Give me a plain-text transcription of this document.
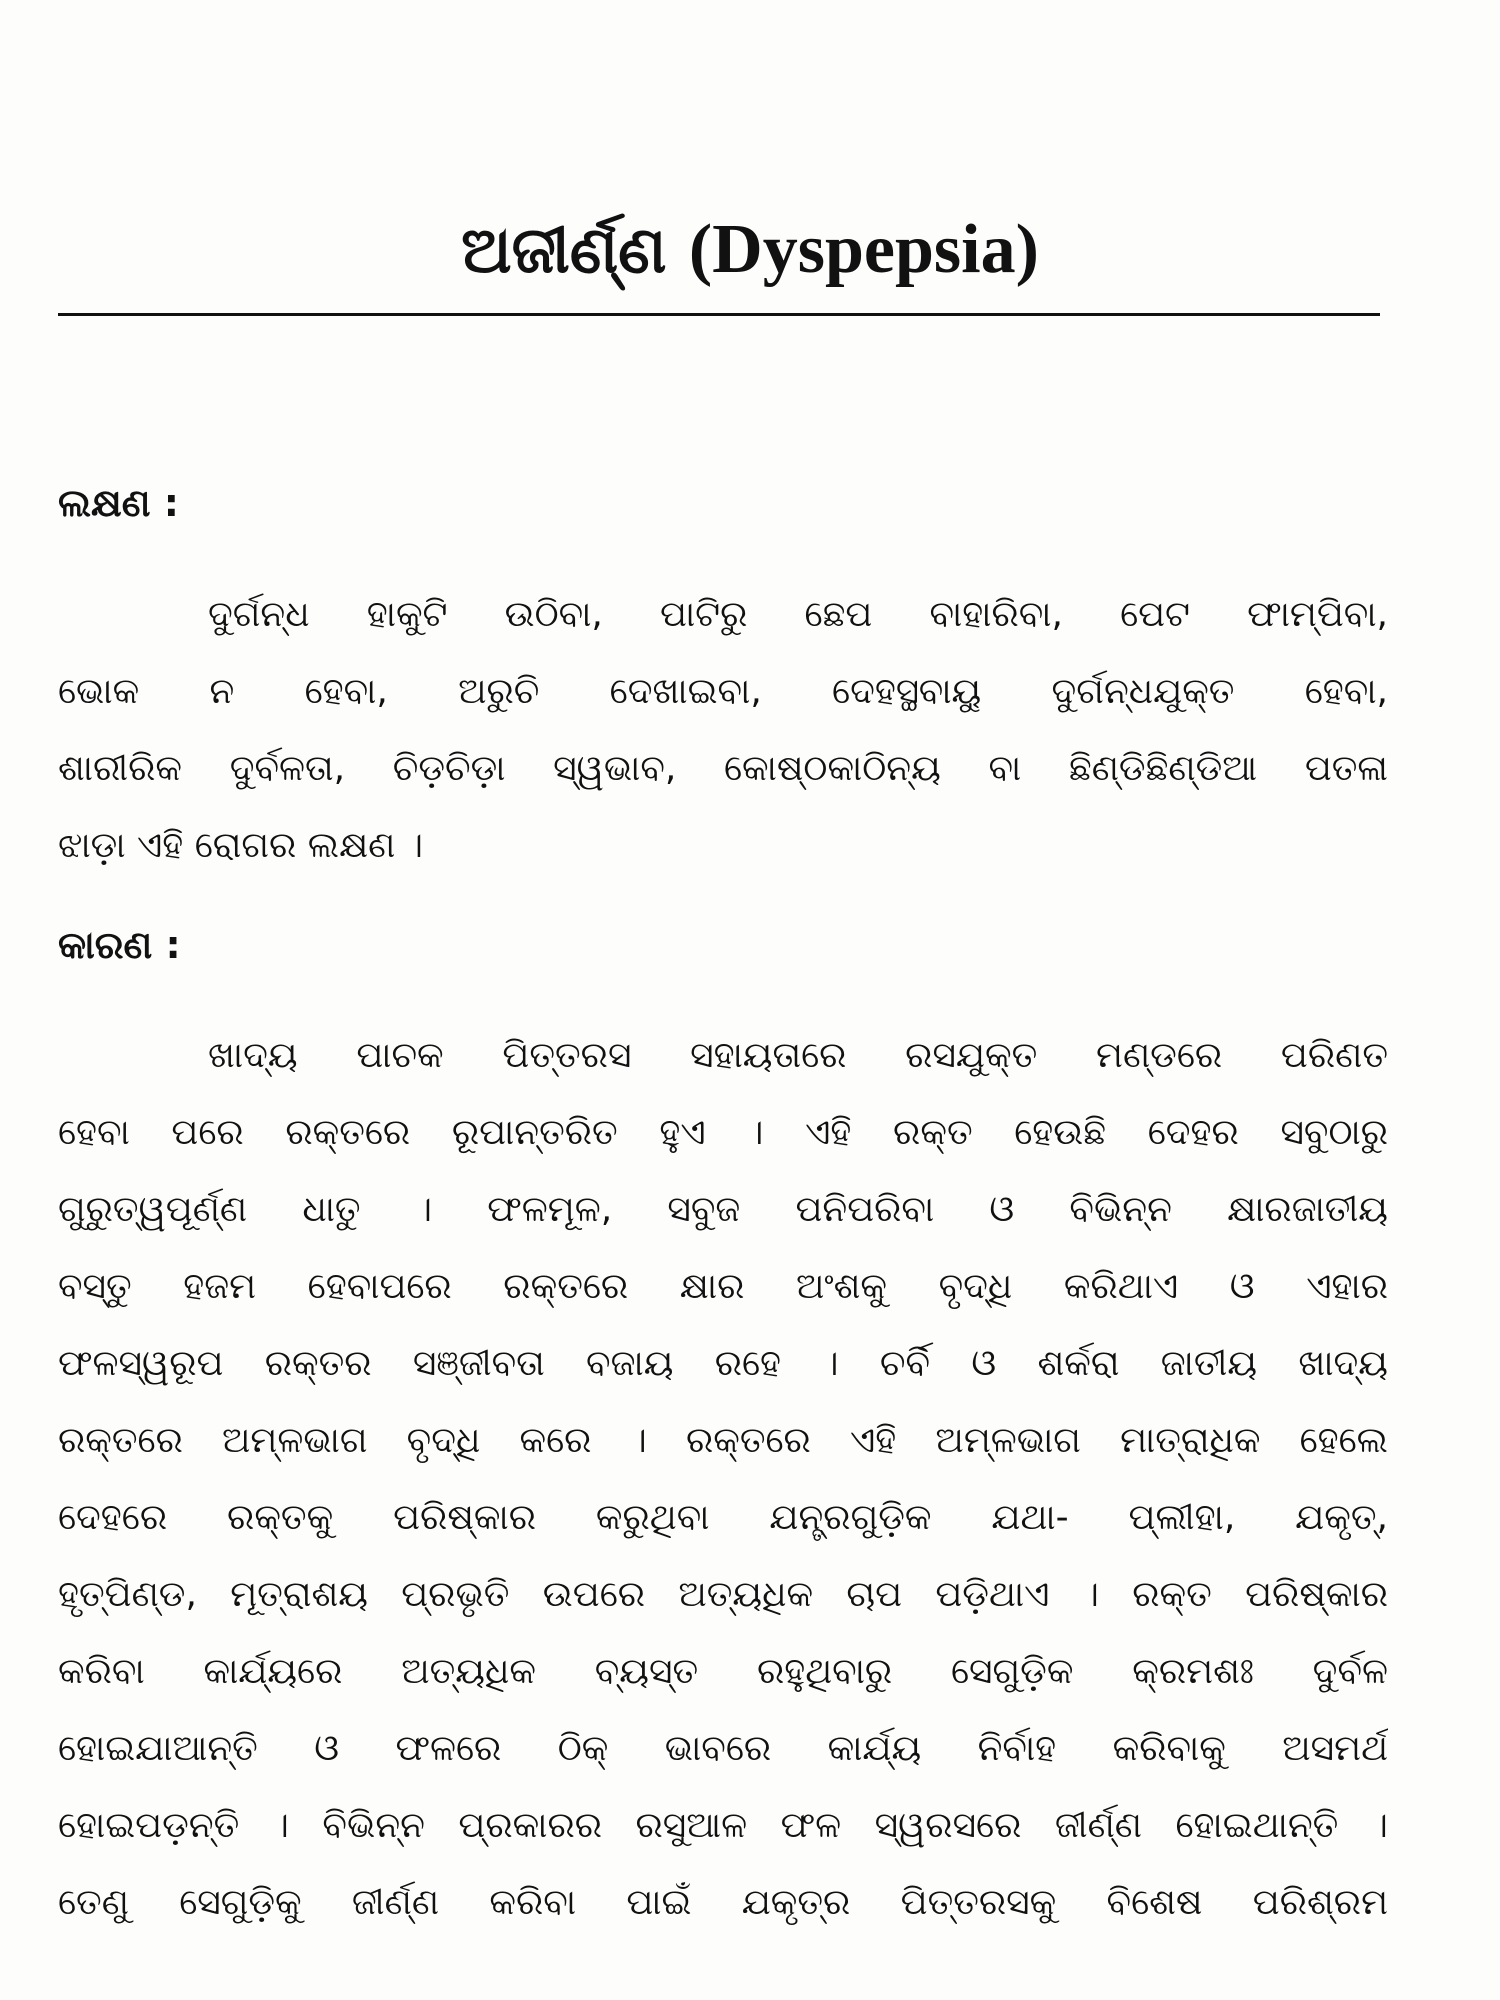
ଅଜୀର୍ଣ୍ଣ (Dyspepsia)
ଲକ୍ଷଣ :
ଦୁର୍ଗନ୍ଧ ହାକୁଟି ଉଠିବା, ପାଟିରୁ ଛେପ ବାହାରିବା, ପେଟ ଫାମ୍ପିବା,
ଭୋକ ନ ହେବା, ଅରୁଚି ଦେଖାଇବା, ଦେହସ୍ଥବାୟୁ ଦୁର୍ଗନ୍ଧଯୁକ୍ତ ହେବା,
ଶାରୀରିକ ଦୁର୍ବଳତା, ଚିଡ଼ଚିଡ଼ା ସ୍ୱଭାବ, କୋଷ୍ଠକାଠିନ୍ୟ ବା ଛିଣ୍ଡିଛିଣ୍ଡିଆ ପତଳା
ଝାଡ଼ା ଏହି ରୋଗର ଲକ୍ଷଣ ।
କାରଣ :
ଖାଦ୍ୟ ପାଚକ ପିତ୍ତରସ ସହାୟତାରେ ରସଯୁକ୍ତ ମଣ୍ଡରେ ପରିଣତ
ହେବା ପରେ ରକ୍ତରେ ରୂପାନ୍ତରିତ ହୁଏ । ଏହି ରକ୍ତ ହେଉଛି ଦେହର ସବୁଠାରୁ
ଗୁରୁତ୍ୱପୂର୍ଣ୍ଣ ଧାତୁ । ଫଳମୂଳ, ସବୁଜ ପନିପରିବା ଓ ବିଭିନ୍ନ କ୍ଷାରଜାତୀୟ
ବସ୍ତୁ ହଜମ ହେବାପରେ ରକ୍ତରେ କ୍ଷାର ଅଂଶକୁ ବୃଦ୍ଧି କରିଥାଏ ଓ ଏହାର
ଫଳସ୍ୱରୂପ ରକ୍ତର ସଞ୍ଜୀବତା ବଜାୟ ରହେ । ଚର୍ବି ଓ ଶର୍କରା ଜାତୀୟ ଖାଦ୍ୟ
ରକ୍ତରେ ଅମ୍ଳଭାଗ ବୃଦ୍ଧି କରେ । ରକ୍ତରେ ଏହି ଅମ୍ଳଭାଗ ମାତ୍ରାଧିକ ହେଲେ
ଦେହରେ ରକ୍ତକୁ ପରିଷ୍କାର କରୁଥିବା ଯନ୍ତ୍ରଗୁଡ଼ିକ ଯଥା- ପ୍ଲୀହା, ଯକୃତ୍,
ହୃତ୍ପିଣ୍ଡ, ମୂତ୍ରାଶୟ ପ୍ରଭୃତି ଉପରେ ଅତ୍ୟଧିକ ଚାପ ପଡ଼ିଥାଏ । ରକ୍ତ ପରିଷ୍କାର
କରିବା କାର୍ଯ୍ୟରେ ଅତ୍ୟଧିକ ବ୍ୟସ୍ତ ରହୁଥିବାରୁ ସେଗୁଡ଼ିକ କ୍ରମଶଃ ଦୁର୍ବଳ
ହୋଇଯାଆନ୍ତି ଓ ଫଳରେ ଠିକ୍ ଭାବରେ କାର୍ଯ୍ୟ ନିର୍ବାହ କରିବାକୁ ଅସମର୍ଥ
ହୋଇପଡ଼ନ୍ତି । ବିଭିନ୍ନ ପ୍ରକାରର ରସୁଆଳ ଫଳ ସ୍ୱରସରେ ଜୀର୍ଣ୍ଣ ହୋଇଥାନ୍ତି ।
ତେଣୁ ସେଗୁଡ଼ିକୁ ଜୀର୍ଣ୍ଣ କରିବା ପାଇଁ ଯକୃତ୍‌ର ପିତ୍ତରସକୁ ବିଶେଷ ପରିଶ୍ରମ
